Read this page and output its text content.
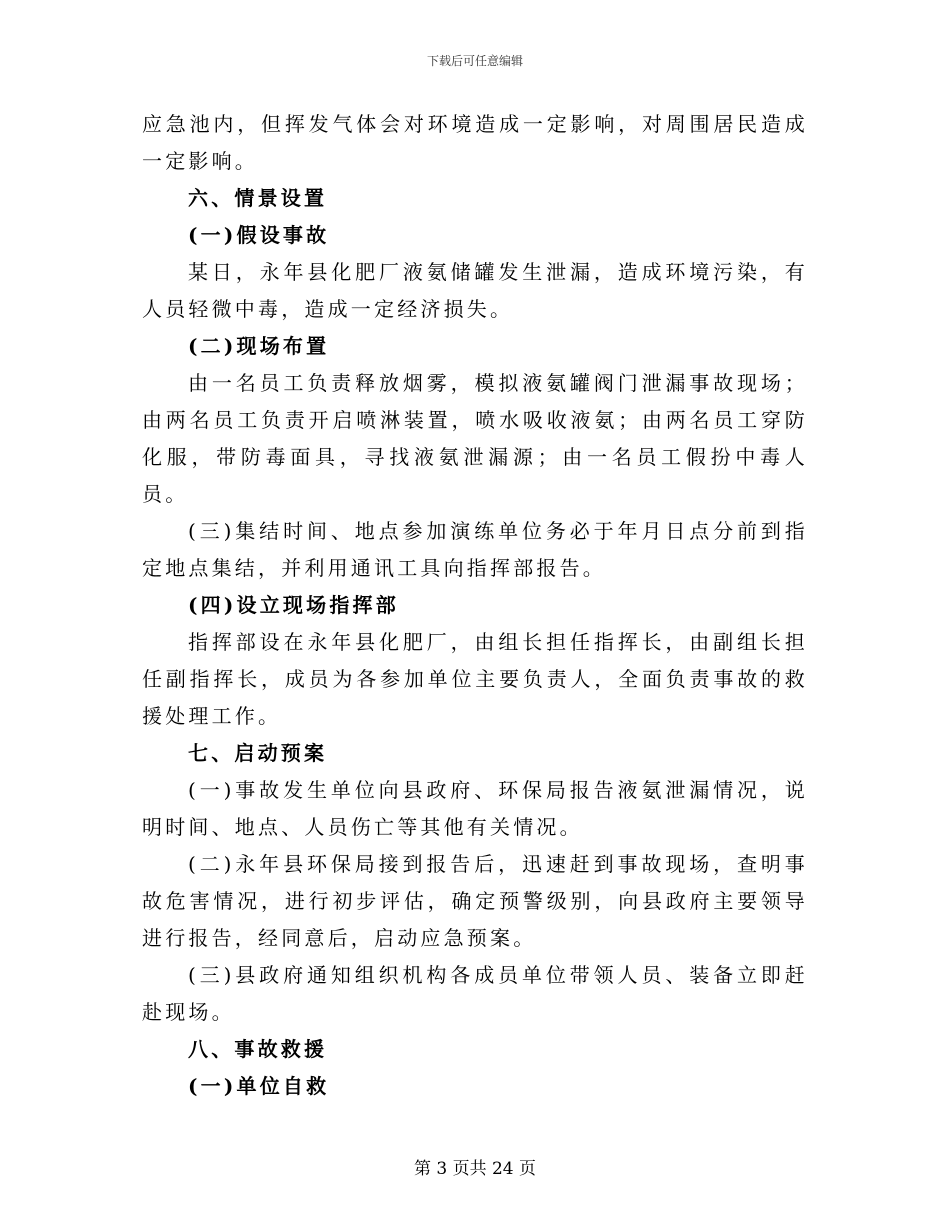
下载后可任意编辑

应急池内，但挥发气体会对环境造成一定影响，对周围居民造成一定影响。

六、情景设置

(一)假设事故

某日，永年县化肥厂液氨储罐发生泄漏，造成环境污染，有人员轻微中毒，造成一定经济损失。

(二)现场布置

由一名员工负责释放烟雾，模拟液氨罐阀门泄漏事故现场；由两名员工负责开启喷淋装置，喷水吸收液氨；由两名员工穿防化服，带防毒面具，寻找液氨泄漏源；由一名员工假扮中毒人员。

(三)集结时间、地点参加演练单位务必于年月日点分前到指定地点集结，并利用通讯工具向指挥部报告。

(四)设立现场指挥部

指挥部设在永年县化肥厂，由组长担任指挥长，由副组长担任副指挥长，成员为各参加单位主要负责人，全面负责事故的救援处理工作。

七、启动预案

(一)事故发生单位向县政府、环保局报告液氨泄漏情况，说明时间、地点、人员伤亡等其他有关情况。

(二)永年县环保局接到报告后，迅速赶到事故现场，查明事故危害情况，进行初步评估，确定预警级别，向县政府主要领导进行报告，经同意后，启动应急预案。

(三)县政府通知组织机构各成员单位带领人员、装备立即赶赴现场。

八、事故救援

(一)单位自救

第 3 页共 24 页
